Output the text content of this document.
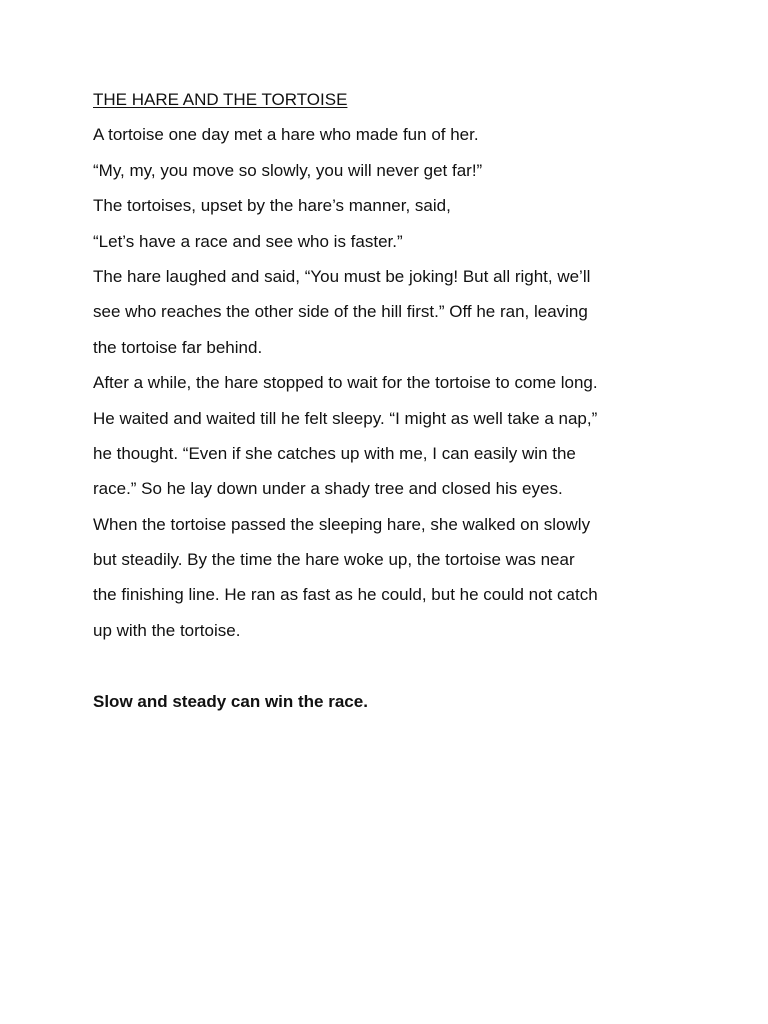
THE HARE AND THE TORTOISE
A tortoise one day met a hare who made fun of her.
“My, my, you move so slowly, you will never get far!”
The tortoises, upset by the hare’s manner, said,
“Let’s have a race and see who is faster.”
The hare laughed and said, “You must be joking! But all right, we’ll
see who reaches the other side of the hill first.” Off he ran, leaving
the tortoise far behind.
After a while, the hare stopped to wait for the tortoise to come long.
He waited and waited till he felt sleepy. “I might as well take a nap,”
he thought. “Even if she catches up with me, I can easily win the
race.” So he lay down under a shady tree and closed his eyes.
When the tortoise passed the sleeping hare, she walked on slowly
but steadily. By the time the hare woke up, the tortoise was near
the finishing line. He ran as fast as he could, but he could not catch
up with the tortoise.
Slow and steady can win the race.
